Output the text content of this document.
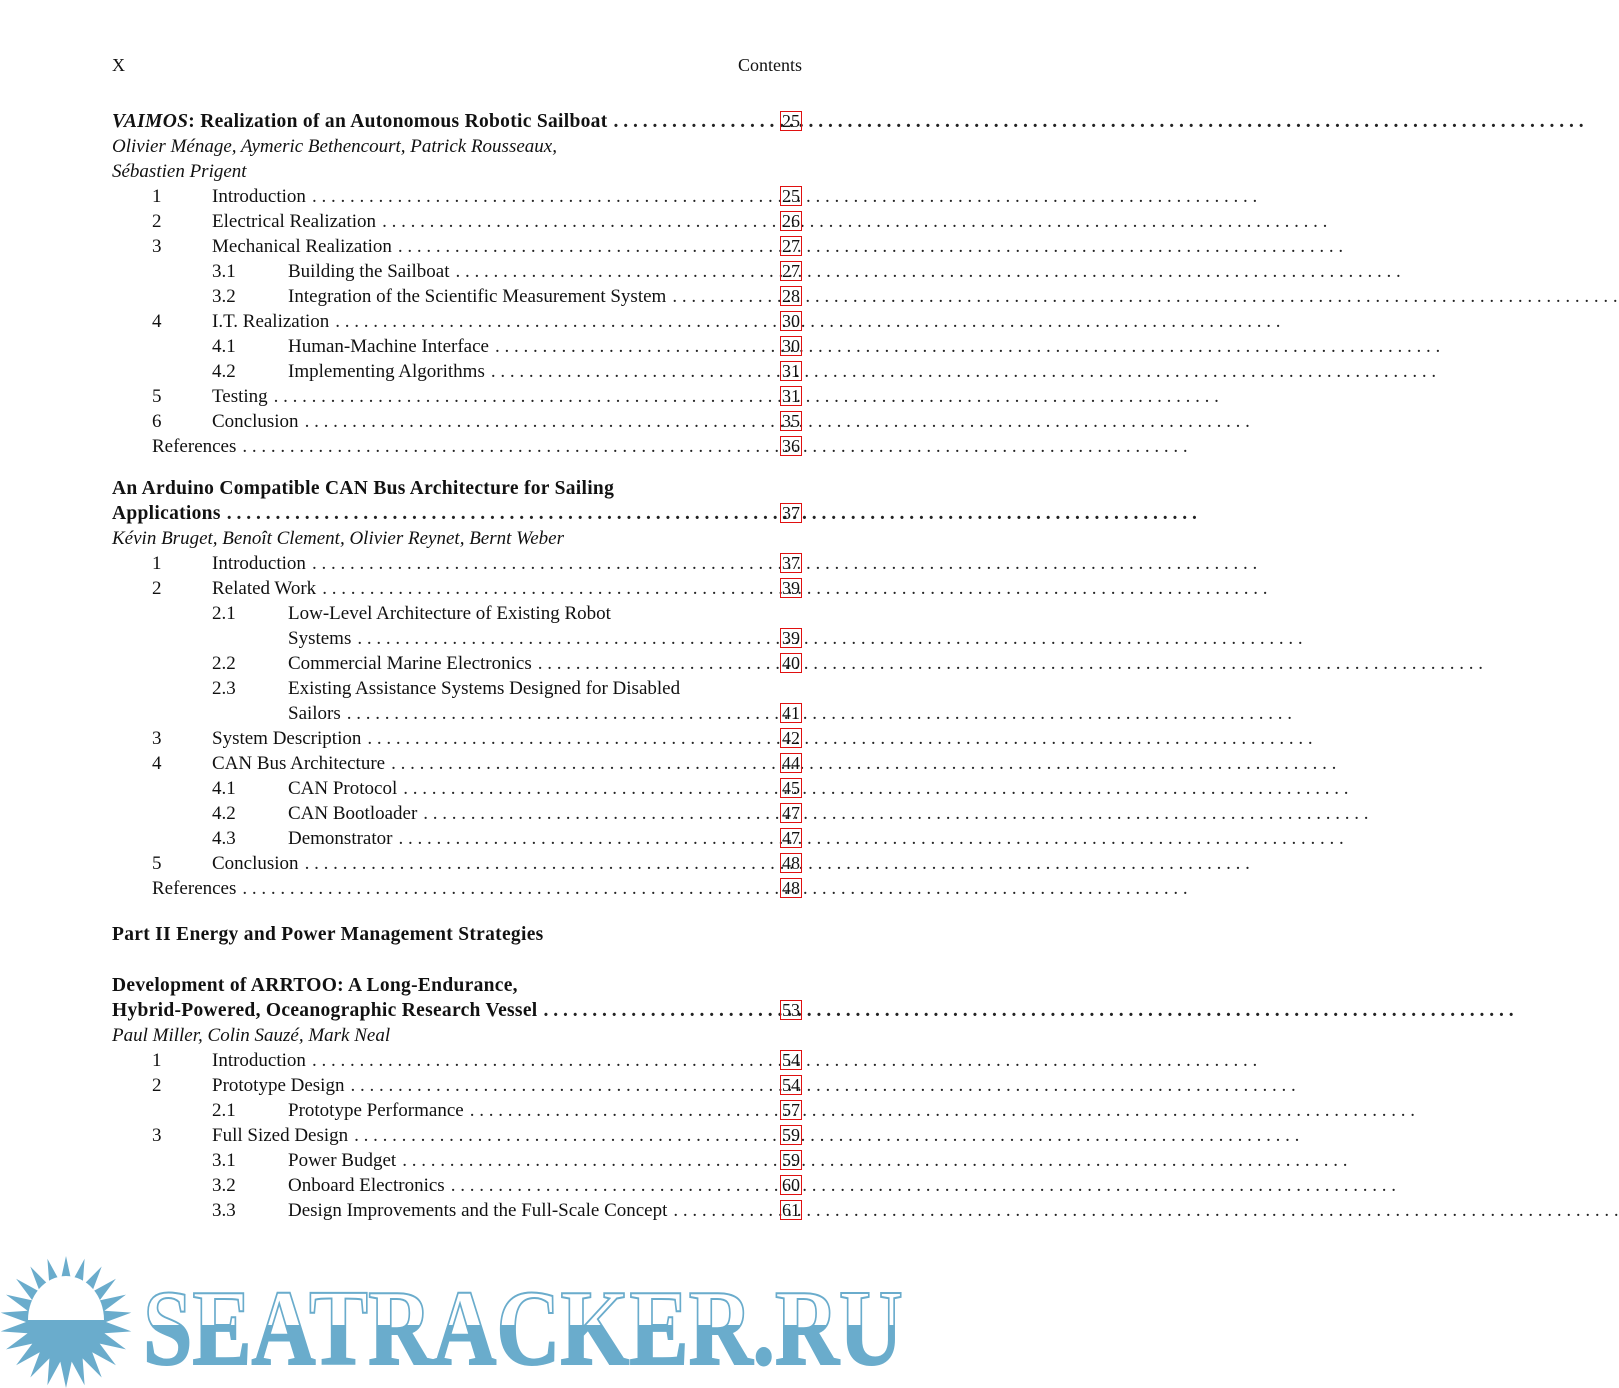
X	Contents
VAIMOS: Realization of an Autonomous Robotic Sailboat . . .	25
Olivier Ménage, Aymeric Bethencourt, Patrick Rousseaux,
Sébastien Prigent
1	Introduction . . .	25
2	Electrical Realization . . .	26
3	Mechanical Realization . . .	27
3.1	Building the Sailboat . . .	27
3.2	Integration of the Scientific Measurement System . . .	28
4	I.T. Realization . . .	30
4.1	Human-Machine Interface . . .	30
4.2	Implementing Algorithms . . .	31
5	Testing . . .	31
6	Conclusion . . .	35
References . . .	36
An Arduino Compatible CAN Bus Architecture for Sailing
Applications . . .	37
Kévin Bruget, Benoît Clement, Olivier Reynet, Bernt Weber
1	Introduction . . .	37
2	Related Work . . .	39
2.1	Low-Level Architecture of Existing Robot
Systems . . .	39
2.2	Commercial Marine Electronics . . .	40
2.3	Existing Assistance Systems Designed for Disabled
Sailors . . .	41
3	System Description . . .	42
4	CAN Bus Architecture . . .	44
4.1	CAN Protocol . . .	45
4.2	CAN Bootloader . . .	47
4.3	Demonstrator . . .	47
5	Conclusion . . .	48
References . . .	48
Part II Energy and Power Management Strategies
Development of ARRTOO: A Long-Endurance,
Hybrid-Powered, Oceanographic Research Vessel . . .	53
Paul Miller, Colin Sauzé, Mark Neal
1	Introduction . . .	54
2	Prototype Design . . .	54
2.1	Prototype Performance . . .	57
3	Full Sized Design . . .	59
3.1	Power Budget . . .	59
3.2	Onboard Electronics . . .	60
3.3	Design Improvements and the Full-Scale Concept . . .	61
SEATRACKER.RU
